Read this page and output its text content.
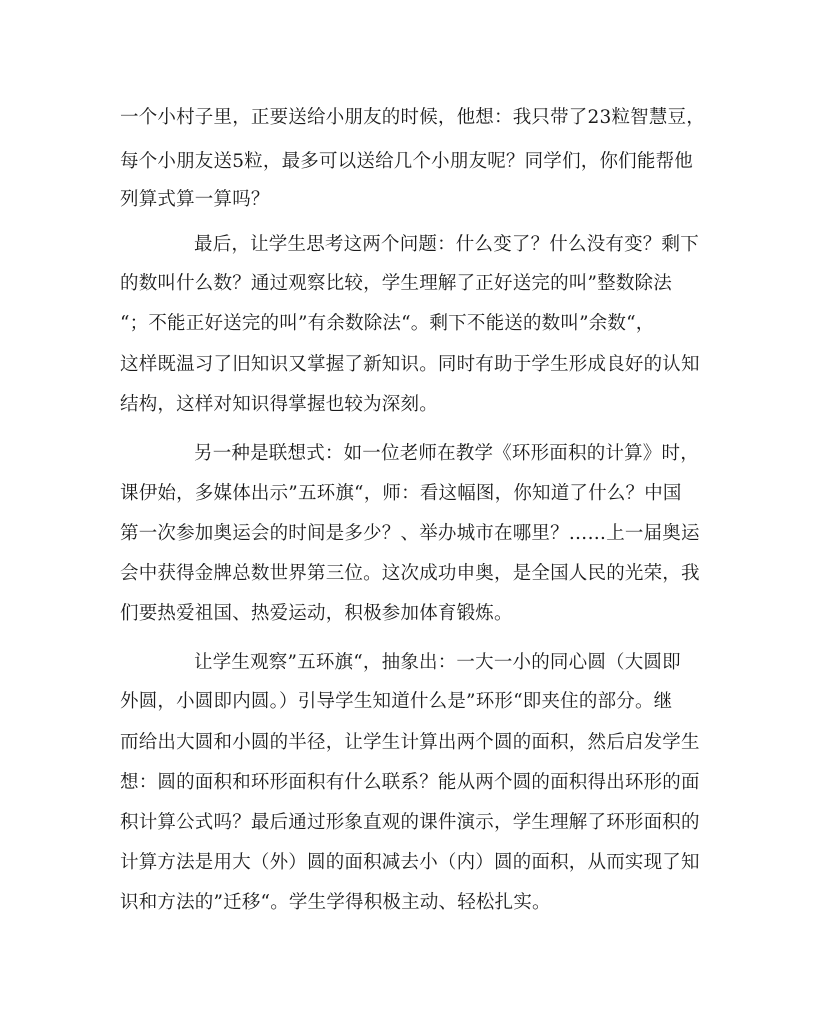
一个小村子里，正要送给小朋友的时候，他想：我只带了23粒智慧豆，
每个小朋友送5粒，最多可以送给几个小朋友呢？同学们，你们能帮他
列算式算一算吗？
最后，让学生思考这两个问题：什么变了？什么没有变？剩下
的数叫什么数？通过观察比较，学生理解了正好送完的叫”整数除法
“；不能正好送完的叫”有余数除法“。剩下不能送的数叫”余数“，
这样既温习了旧知识又掌握了新知识。同时有助于学生形成良好的认知
结构，这样对知识得掌握也较为深刻。
另一种是联想式：如一位老师在教学《环形面积的计算》时，
课伊始，多媒体出示”五环旗“，师：看这幅图，你知道了什么？中国
第一次参加奥运会的时间是多少？、举办城市在哪里？……上一届奥运
会中获得金牌总数世界第三位。这次成功申奥，是全国人民的光荣，我
们要热爱祖国、热爱运动，积极参加体育锻炼。
让学生观察”五环旗“，抽象出：一大一小的同心圆（大圆即
外圆，小圆即内圆。）引导学生知道什么是”环形“即夹住的部分。继
而给出大圆和小圆的半径，让学生计算出两个圆的面积，然后启发学生
想：圆的面积和环形面积有什么联系？能从两个圆的面积得出环形的面
积计算公式吗？最后通过形象直观的课件演示，学生理解了环形面积的
计算方法是用大（外）圆的面积减去小（内）圆的面积，从而实现了知
识和方法的”迁移“。学生学得积极主动、轻松扎实。
